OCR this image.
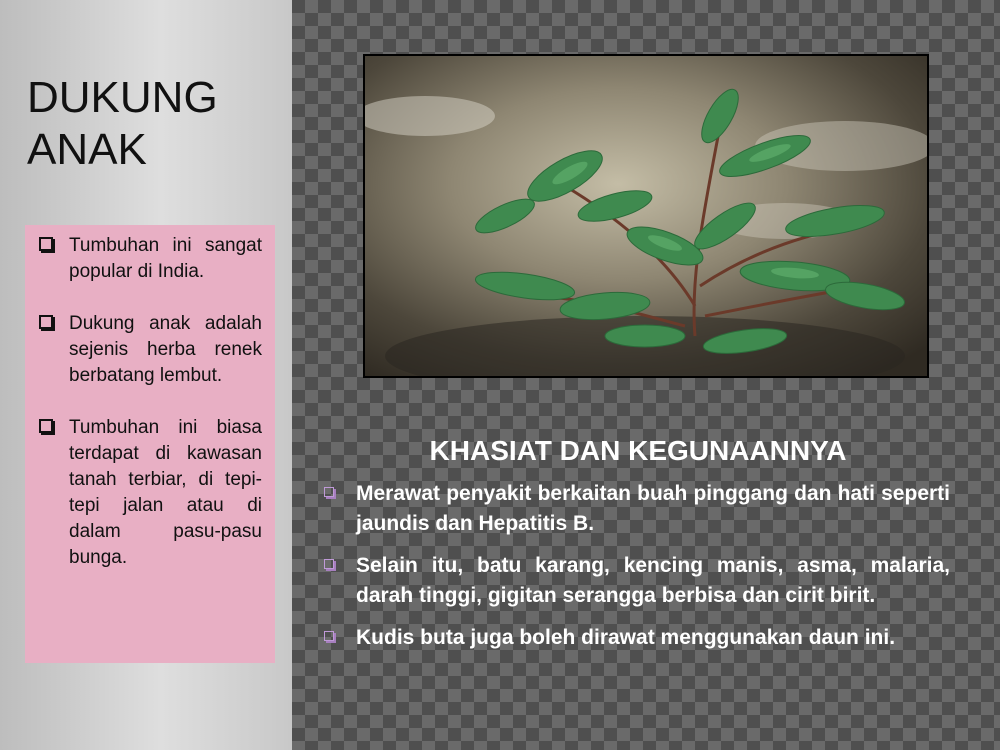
DUKUNG
ANAK
Tumbuhan ini sangat popular di India.
Dukung anak adalah sejenis herba renek berbatang lembut.
Tumbuhan ini biasa terdapat di kawasan tanah terbiar, di tepi-tepi jalan atau di dalam pasu-pasu bunga.
KHASIAT DAN KEGUNAANNYA
Merawat penyakit berkaitan buah pinggang dan hati seperti jaundis dan Hepatitis B.
Selain itu, batu karang, kencing manis, asma, malaria, darah tinggi, gigitan serangga berbisa dan cirit birit.
Kudis buta juga boleh dirawat menggunakan daun ini.
